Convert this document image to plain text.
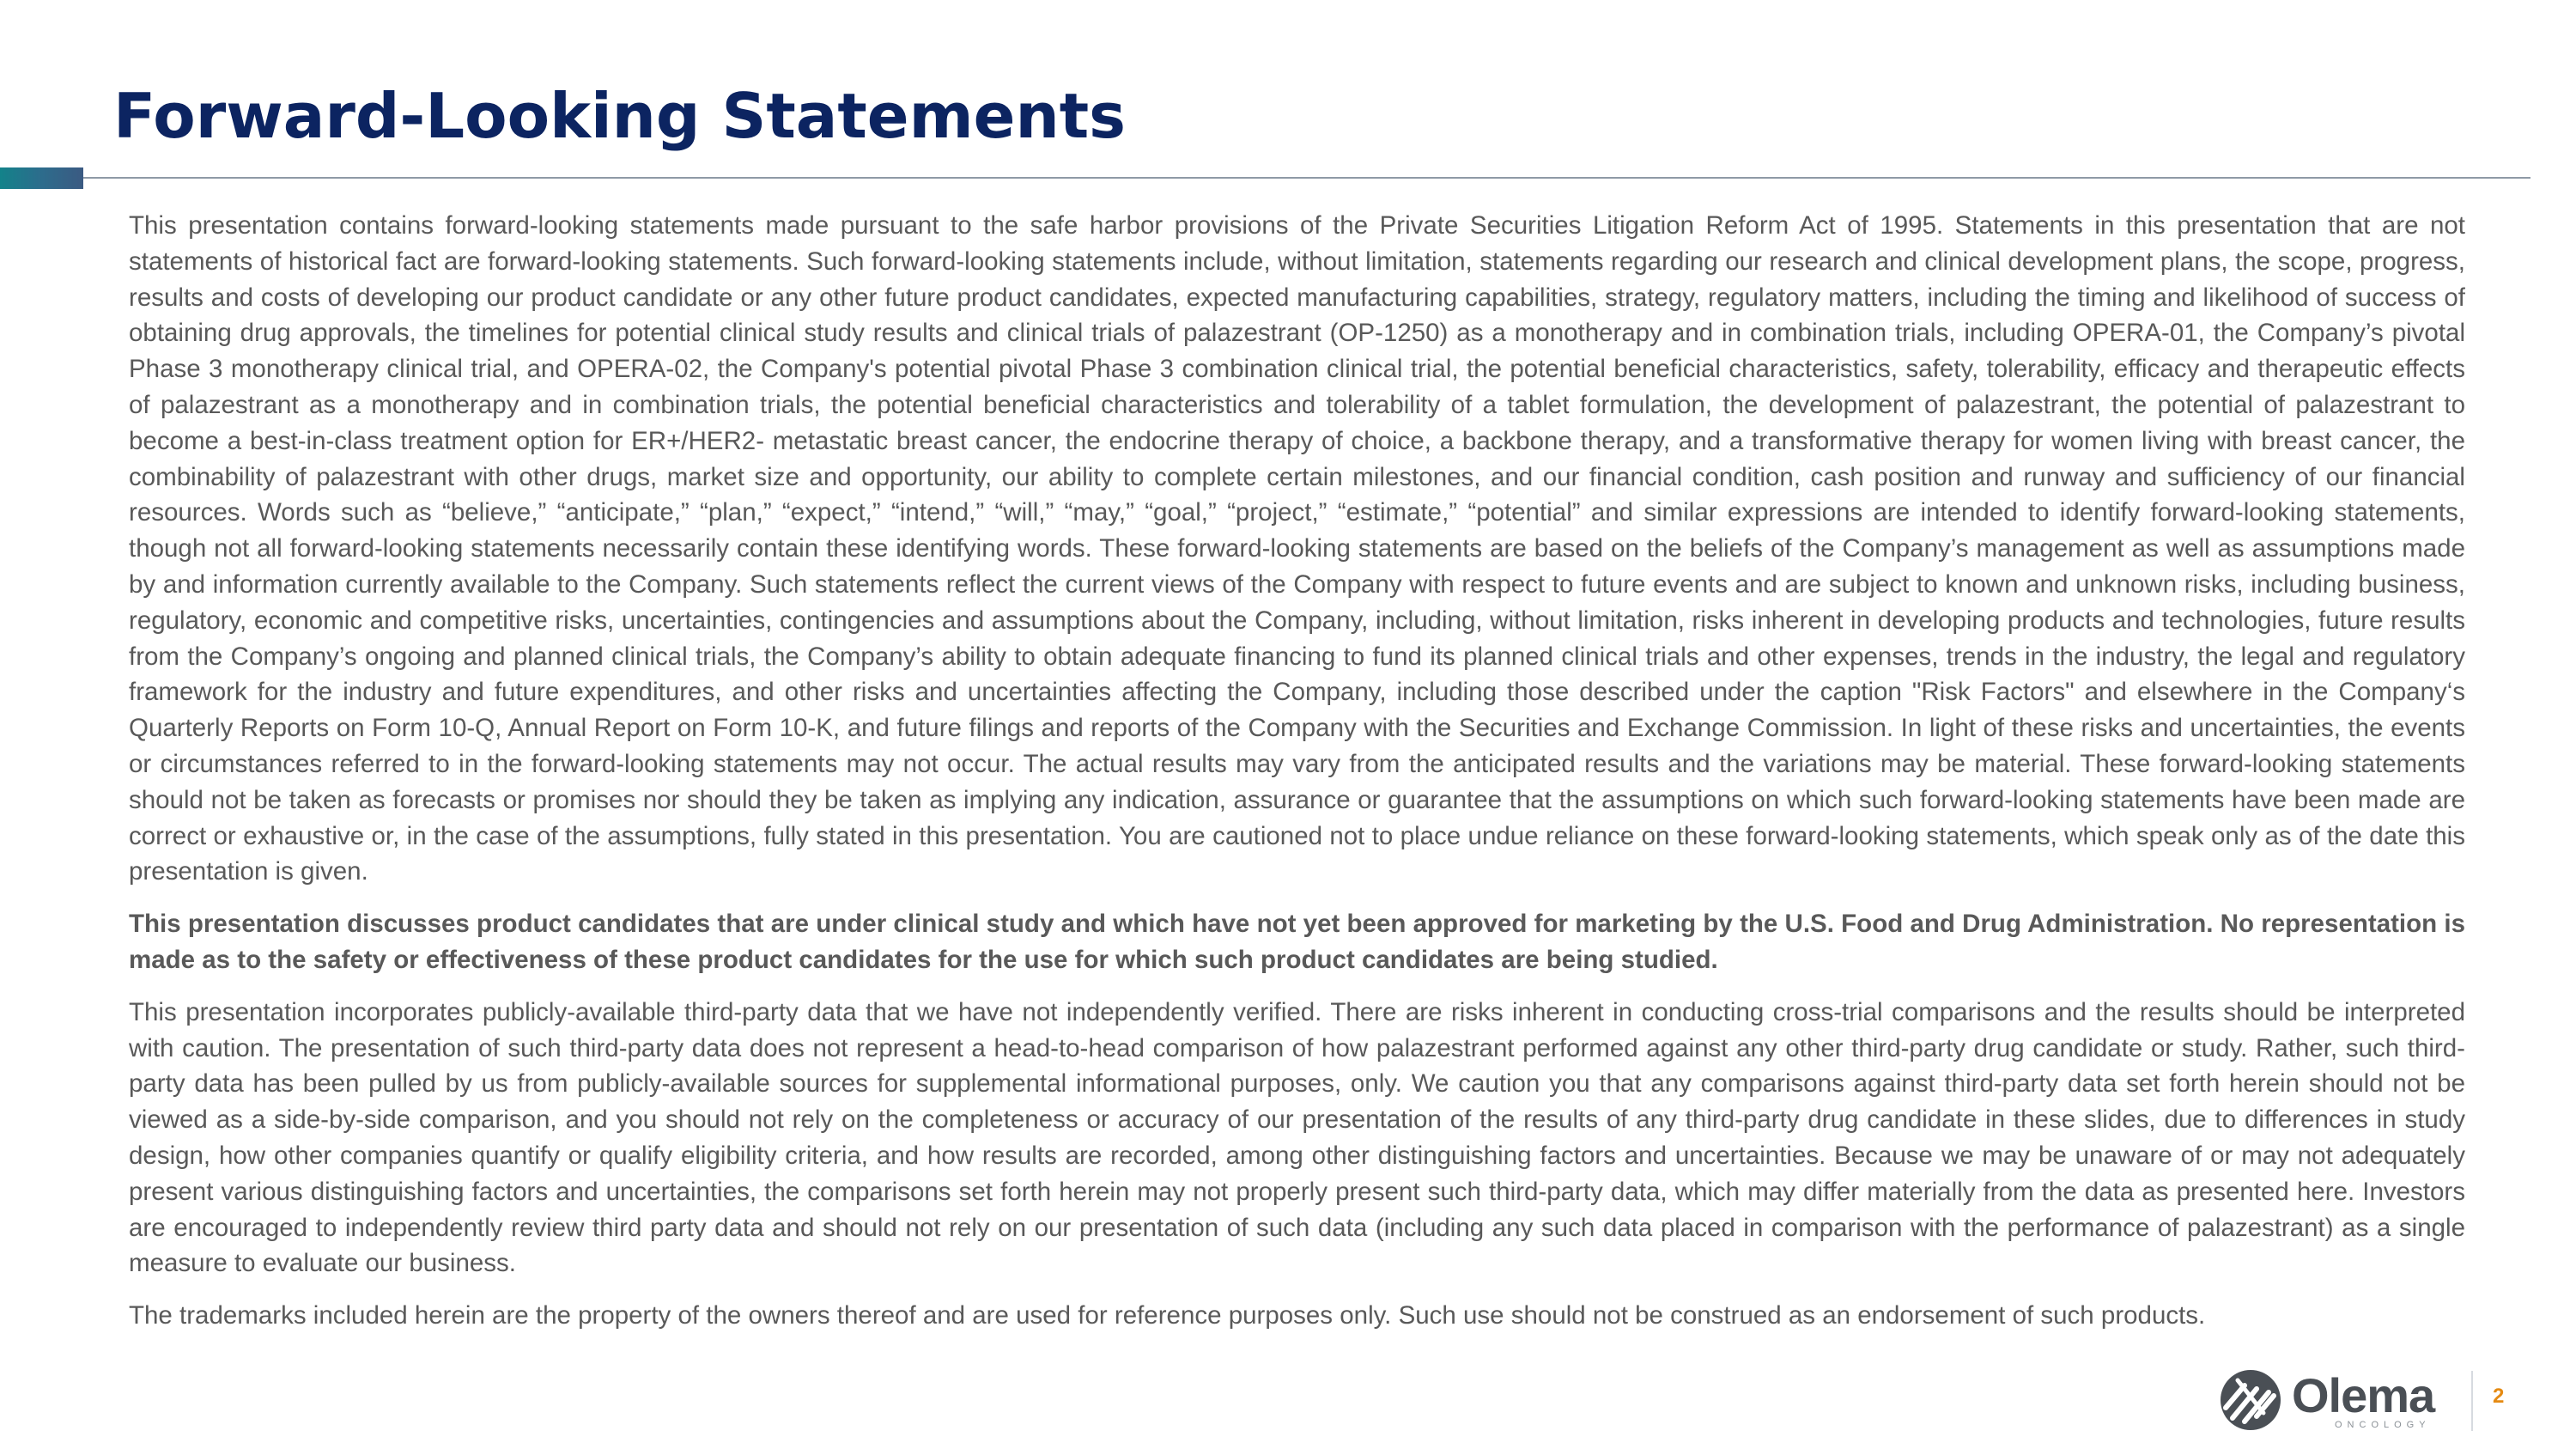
Forward-Looking Statements

This presentation contains forward-looking statements made pursuant to the safe harbor provisions of the Private Securities Litigation Reform Act of 1995. Statements in this presentation that are not statements of historical fact are forward-looking statements. Such forward-looking statements include, without limitation, statements regarding our research and clinical development plans, the scope, progress, results and costs of developing our product candidate or any other future product candidates, expected manufacturing capabilities, strategy, regulatory matters, including the timing and likelihood of success of obtaining drug approvals, the timelines for potential clinical study results and clinical trials of palazestrant (OP-1250) as a monotherapy and in combination trials, including OPERA-01, the Company’s pivotal Phase 3 monotherapy clinical trial, and OPERA-02, the Company's potential pivotal Phase 3 combination clinical trial, the potential beneficial characteristics, safety, tolerability, efficacy and therapeutic effects of palazestrant as a monotherapy and in combination trials, the potential beneficial characteristics and tolerability of a tablet formulation, the development of palazestrant, the potential of palazestrant to become a best-in-class treatment option for ER+/HER2- metastatic breast cancer, the endocrine therapy of choice, a backbone therapy, and a transformative therapy for women living with breast cancer, the combinability of palazestrant with other drugs, market size and opportunity, our ability to complete certain milestones, and our financial condition, cash position and runway and sufficiency of our financial resources. Words such as “believe,” “anticipate,” “plan,” “expect,” “intend,” “will,” “may,” “goal,” “project,” “estimate,” “potential” and similar expressions are intended to identify forward-looking statements, though not all forward-looking statements necessarily contain these identifying words. These forward-looking statements are based on the beliefs of the Company’s management as well as assumptions made by and information currently available to the Company. Such statements reflect the current views of the Company with respect to future events and are subject to known and unknown risks, including business, regulatory, economic and competitive risks, uncertainties, contingencies and assumptions about the Company, including, without limitation, risks inherent in developing products and technologies, future results from the Company’s ongoing and planned clinical trials, the Company’s ability to obtain adequate financing to fund its planned clinical trials and other expenses, trends in the industry, the legal and regulatory framework for the industry and future expenditures, and other risks and uncertainties affecting the Company, including those described under the caption "Risk Factors" and elsewhere in the Company‘s Quarterly Reports on Form 10-Q, Annual Report on Form 10-K, and future filings and reports of the Company with the Securities and Exchange Commission. In light of these risks and uncertainties, the events or circumstances referred to in the forward-looking statements may not occur. The actual results may vary from the anticipated results and the variations may be material. These forward-looking statements should not be taken as forecasts or promises nor should they be taken as implying any indication, assurance or guarantee that the assumptions on which such forward-looking statements have been made are correct or exhaustive or, in the case of the assumptions, fully stated in this presentation. You are cautioned not to place undue reliance on these forward-looking statements, which speak only as of the date this presentation is given.

This presentation discusses product candidates that are under clinical study and which have not yet been approved for marketing by the U.S. Food and Drug Administration. No representation is made as to the safety or effectiveness of these product candidates for the use for which such product candidates are being studied.

This presentation incorporates publicly-available third-party data that we have not independently verified. There are risks inherent in conducting cross-trial comparisons and the results should be interpreted with caution. The presentation of such third-party data does not represent a head-to-head comparison of how palazestrant performed against any other third-party drug candidate or study. Rather, such third-party data has been pulled by us from publicly-available sources for supplemental informational purposes, only. We caution you that any comparisons against third-party data set forth herein should not be viewed as a side-by-side comparison, and you should not rely on the completeness or accuracy of our presentation of the results of any third-party drug candidate in these slides, due to differences in study design, how other companies quantify or qualify eligibility criteria, and how results are recorded, among other distinguishing factors and uncertainties. Because we may be unaware of or may not adequately present various distinguishing factors and uncertainties, the comparisons set forth herein may not properly present such third-party data, which may differ materially from the data as presented here. Investors are encouraged to independently review third party data and should not rely on our presentation of such data (including any such data placed in comparison with the performance of palazestrant) as a single measure to evaluate our business.

The trademarks included herein are the property of the owners thereof and are used for reference purposes only. Such use should not be construed as an endorsement of such products.

Olema
ONCOLOGY
2
